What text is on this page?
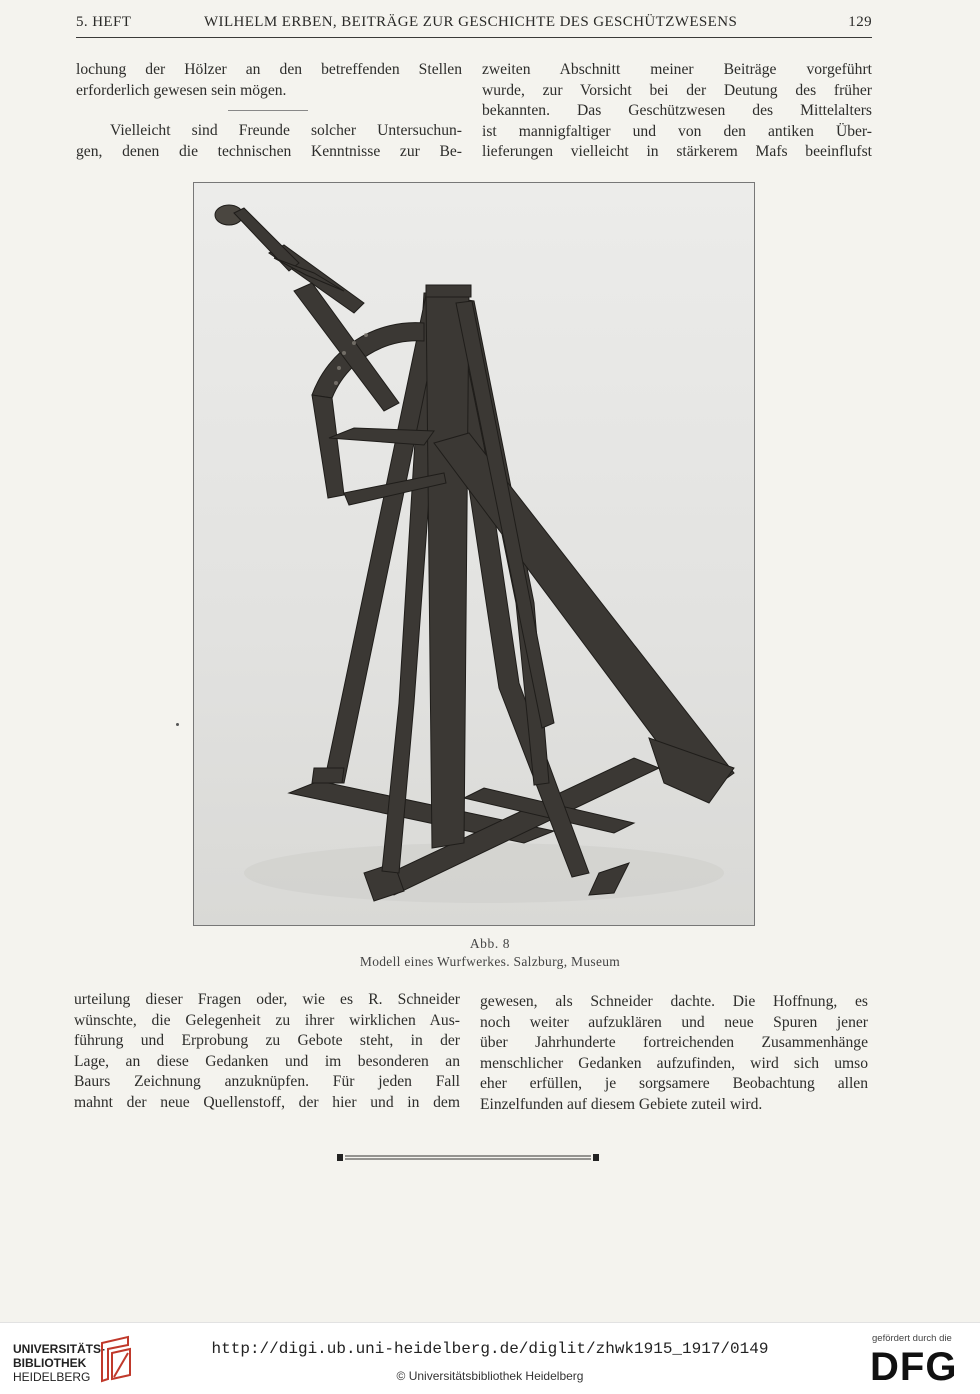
5. HEFT	WILHELM ERBEN, BEITRÄGE ZUR GESCHICHTE DES GESCHÜTZWESENS	129
lochung der Hölzer an den betreffenden Stellen
erforderlich gewesen sein mögen.
Vielleicht sind Freunde solcher Untersuchun-
gen, denen die technischen Kenntnisse zur Be-
zweiten Abschnitt meiner Beiträge vorgeführt
wurde, zur Vorsicht bei der Deutung des früher
bekannten. Das Geschützwesen des Mittelalters
ist mannigfaltiger und von den antiken Über-
lieferungen vielleicht in stärkerem Mafs beeinflufst
Abb. 8
Modell eines Wurfwerkes. Salzburg, Museum
urteilung dieser Fragen oder, wie es R. Schneider
wünschte, die Gelegenheit zu ihrer wirklichen Aus-
führung und Erprobung zu Gebote steht, in der
Lage, an diese Gedanken und im besonderen an
Baurs Zeichnung anzuknüpfen. Für jeden Fall
mahnt der neue Quellenstoff, der hier und in dem
gewesen, als Schneider dachte. Die Hoffnung, es
noch weiter aufzuklären und neue Spuren jener
über Jahrhunderte fortreichenden Zusammenhänge
menschlicher Gedanken aufzufinden, wird sich umso
eher erfüllen, je sorgsamere Beobachtung allen
Einzelfunden auf diesem Gebiete zuteil wird.
UNIVERSITÄTS-
BIBLIOTHEK
HEIDELBERG
http://digi.ub.uni-heidelberg.de/diglit/zhwk1915_1917/0149
© Universitätsbibliothek Heidelberg
gefördert durch die
DFG
